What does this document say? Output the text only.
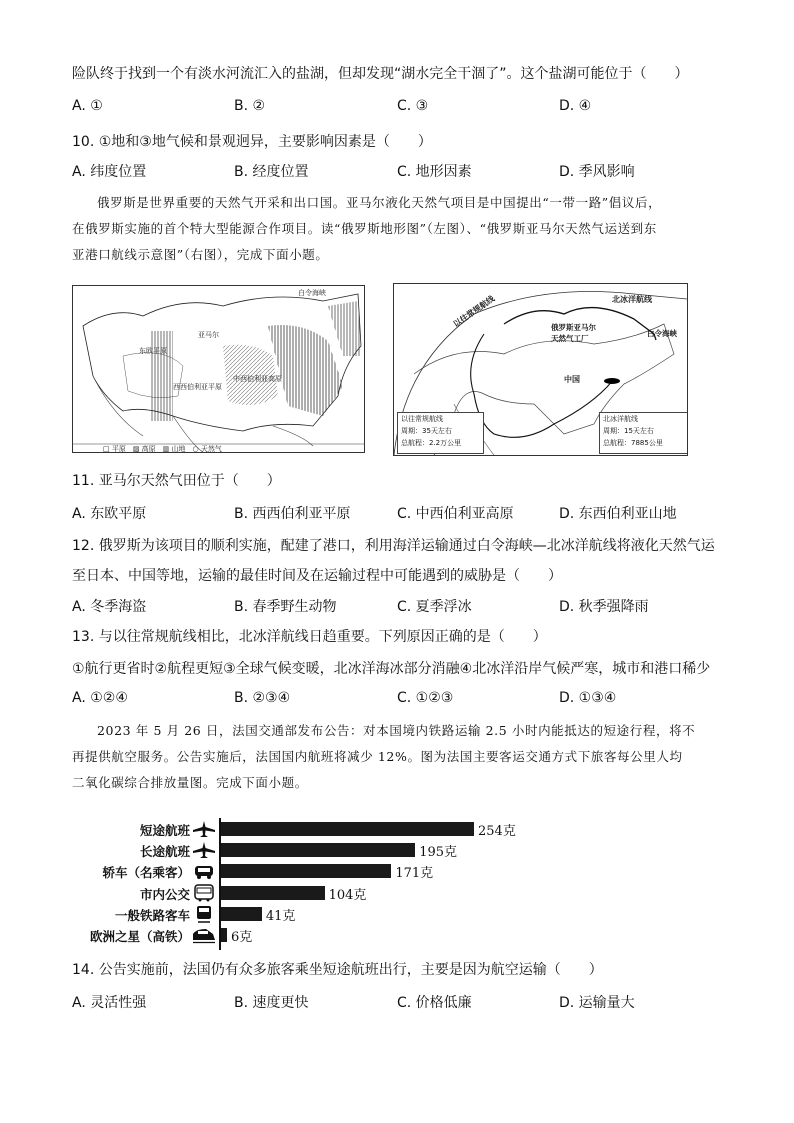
险队终于找到一个有淡水河流汇入的盐湖，但却发现“湖水完全干涸了”。这个盐湖可能位于（　　）
A. ①	B. ②	C. ③	D. ④
10. ①地和③地气候和景观迥异，主要影响因素是（　　）
A. 纬度位置	B. 经度位置	C. 地形因素	D. 季风影响

俄罗斯是世界重要的天然气开采和出口国。亚马尔液化天然气项目是中国提出“一带一路”倡议后，

在俄罗斯实施的首个特大型能源合作项目。读“俄罗斯地形图”（左图）、“俄罗斯亚马尔天然气运送到东

亚港口航线示意图”（右图），完成下面小题。

白令海峡
亚马尔
东欧平原
西西伯利亚平原
中西伯利亚高原
□ 平原　▨ 高原　▥ 山地　○ 天然气
以往常规航线	北冰洋航线
俄罗斯亚马尔
天然气工厂
白令海峡
中国
以往常规航线
周期：35天左右
总航程：2.2万公里
北冰洋航线
周期：15天左右
总航程：7885公里
11. 亚马尔天然气田位于（　　）
A. 东欧平原	B. 西西伯利亚平原	C. 中西伯利亚高原	D. 东西伯利亚山地
12. 俄罗斯为该项目的顺利实施，配建了港口，利用海洋运输通过白令海峡—北冰洋航线将液化天然气运
至日本、中国等地，运输的最佳时间及在运输过程中可能遇到的威胁是（　　）
A. 冬季海盗	B. 春季野生动物	C. 夏季浮冰	D. 秋季强降雨
13. 与以往常规航线相比，北冰洋航线日趋重要。下列原因正确的是（　　）
①航行更省时②航程更短③全球气候变暖，北冰洋海冰部分消融④北冰洋沿岸气候严寒，城市和港口稀少
A. ①②④	B. ②③④	C. ①②③	D. ①③④

2023 年 5 月 26 日，法国交通部发布公告：对本国境内铁路运输 2.5 小时内能抵达的短途行程，将不

再提供航空服务。公告实施后，法国国内航班将减少 12%。图为法国主要客运交通方式下旅客每公里人均

二氧化碳综合排放量图。完成下面小题。

短途航班	254克
长途航班	195克
轿车（名乘客）	171克
市内公交	104克
一般铁路客车	41克
欧洲之星（高铁）	6克
14. 公告实施前，法国仍有众多旅客乘坐短途航班出行，主要是因为航空运输（　　）
A. 灵活性强	B. 速度更快	C. 价格低廉	D. 运输量大
